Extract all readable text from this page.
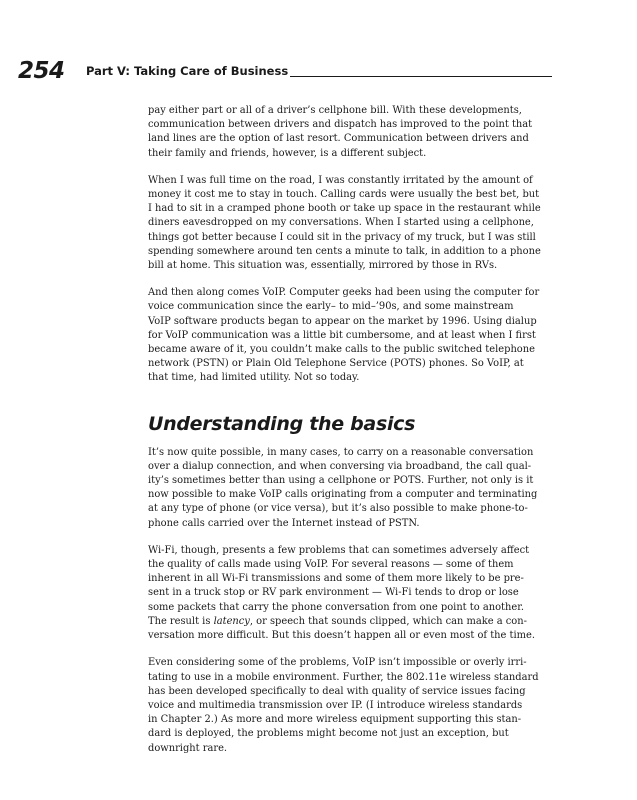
254 Part V: Taking Care of Business

pay either part or all of a driver’s cellphone bill. With these developments,
communication between drivers and dispatch has improved to the point that
land lines are the option of last resort. Communication between drivers and
their family and friends, however, is a different subject.

When I was full time on the road, I was constantly irritated by the amount of
money it cost me to stay in touch. Calling cards were usually the best bet, but
I had to sit in a cramped phone booth or take up space in the restaurant while
diners eavesdropped on my conversations. When I started using a cellphone,
things got better because I could sit in the privacy of my truck, but I was still
spending somewhere around ten cents a minute to talk, in addition to a phone
bill at home. This situation was, essentially, mirrored by those in RVs.

And then along comes VoIP. Computer geeks had been using the computer for
voice communication since the early– to mid–’90s, and some mainstream
VoIP software products began to appear on the market by 1996. Using dialup
for VoIP communication was a little bit cumbersome, and at least when I first
became aware of it, you couldn’t make calls to the public switched telephone
network (PSTN) or Plain Old Telephone Service (POTS) phones. So VoIP, at
that time, had limited utility. Not so today.

Understanding the basics

It’s now quite possible, in many cases, to carry on a reasonable conversation
over a dialup connection, and when conversing via broadband, the call qual-
ity’s sometimes better than using a cellphone or POTS. Further, not only is it
now possible to make VoIP calls originating from a computer and terminating
at any type of phone (or vice versa), but it’s also possible to make phone-to-
phone calls carried over the Internet instead of PSTN.

Wi-Fi, though, presents a few problems that can sometimes adversely affect
the quality of calls made using VoIP. For several reasons — some of them
inherent in all Wi-Fi transmissions and some of them more likely to be pre-
sent in a truck stop or RV park environment — Wi-Fi tends to drop or lose
some packets that carry the phone conversation from one point to another.
The result is latency, or speech that sounds clipped, which can make a con-
versation more difficult. But this doesn’t happen all or even most of the time.

Even considering some of the problems, VoIP isn’t impossible or overly irri-
tating to use in a mobile environment. Further, the 802.11e wireless standard
has been developed specifically to deal with quality of service issues facing
voice and multimedia transmission over IP. (I introduce wireless standards
in Chapter 2.) As more and more wireless equipment supporting this stan-
dard is deployed, the problems might become not just an exception, but
downright rare.
